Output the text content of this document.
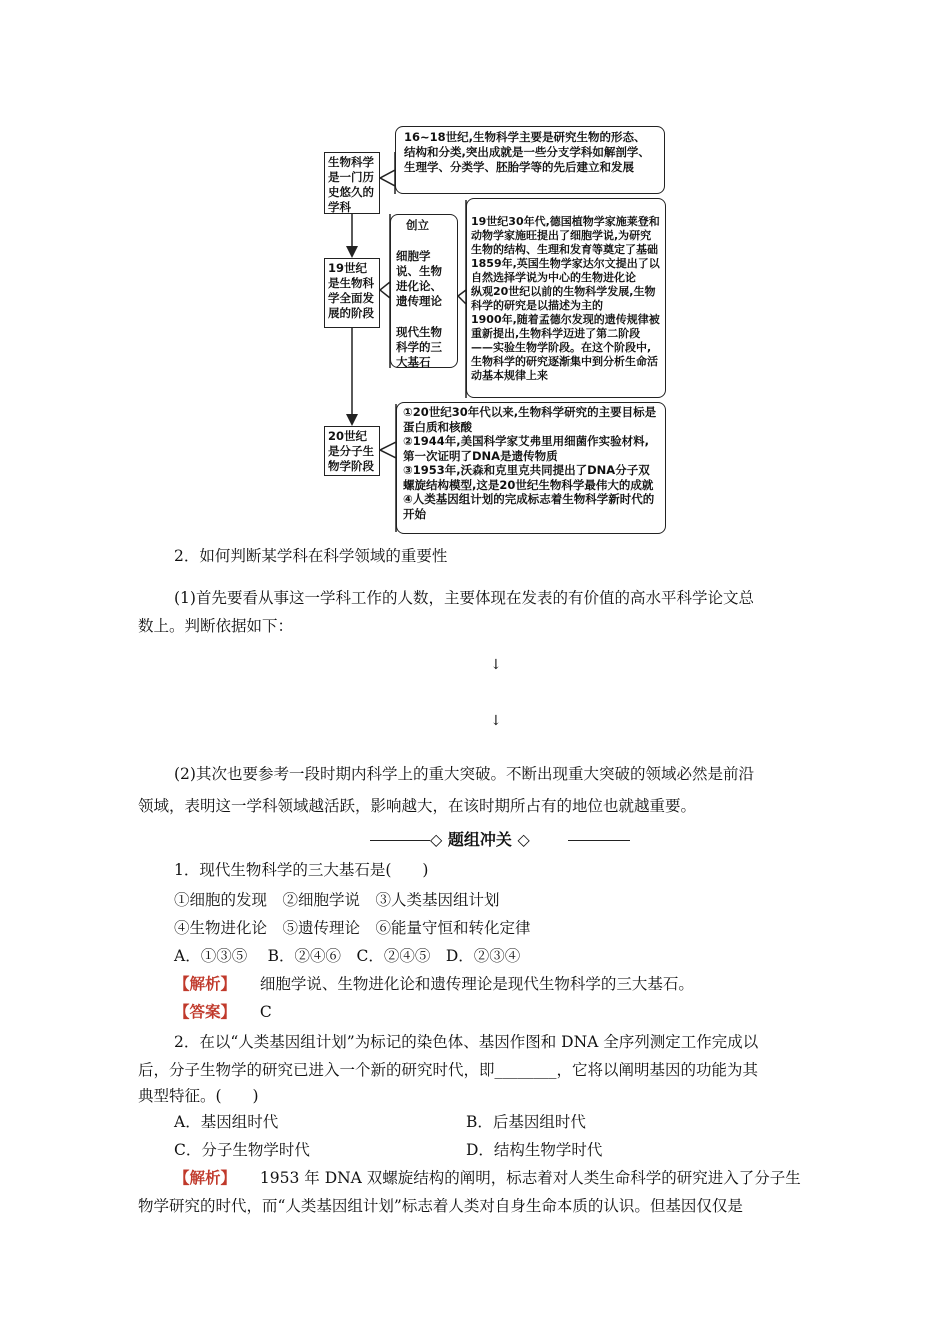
生物科学是一门历史悠久的学科
19世纪是生物科学全面发展的阶段
20世纪是分子生物学阶段
16~18世纪,生物科学主要是研究生物的形态、结构和分类,突出成就是一些分支学科如解剖学、生理学、分类学、胚胎学等的先后建立和发展
创立
细胞学说、生物进化论、遗传理论
现代生物科学的三大基石

19世纪30年代,德国植物学家施莱登和动物学家施旺提出了细胞学说,为研究生物的结构、生理和发育等奠定了基础
1859年,英国生物学家达尔文提出了以自然选择学说为中心的生物进化论
纵观20世纪以前的生物科学发展,生物科学的研究是以描述为主的
1900年,随着孟德尔发现的遗传规律被重新提出,生物科学迈进了第二阶段——实验生物学阶段。在这个阶段中,生物科学的研究逐渐集中到分析生命活动基本规律上来

①20世纪30年代以来,生物科学研究的主要目标是蛋白质和核酸
②1944年,美国科学家艾弗里用细菌作实验材料,第一次证明了DNA是遗传物质
③1953年,沃森和克里克共同提出了DNA分子双螺旋结构模型,这是20世纪生物科学最伟大的成就
④人类基因组计划的完成标志着生物科学新时代的开始
2．如何判断某学科在科学领域的重要性
(1)首先要看从事这一学科工作的人数，主要体现在发表的有价值的高水平科学论文总
数上。判断依据如下：
↓
↓
(2)其次也要参考一段时期内科学上的重大突破。不断出现重大突破的领域必然是前沿
领域，表明这一学科领域越活跃，影响越大，在该时期所占有的地位也就越重要。
◇ 题组冲关 ◇
1．现代生物科学的三大基石是(　　)
①细胞的发现　②细胞学说　③人类基因组计划
④生物进化论　⑤遗传理论　⑥能量守恒和转化定律
A．①③⑤　 B．②④⑥　C．②④⑤　D．②③④
【解析】 细胞学说、生物进化论和遗传理论是现代生物科学的三大基石。
【答案】 C
2．在以“人类基因组计划”为标记的染色体、基因作图和 DNA 全序列测定工作完成以
后，分子生物学的研究已进入一个新的研究时代，即________，它将以阐明基因的功能为其
典型特征。(　　)
A．基因组时代	B．后基因组时代
C．分子生物学时代	D．结构生物学时代
【解析】 1953 年 DNA 双螺旋结构的阐明，标志着对人类生命科学的研究进入了分子生
物学研究的时代，而“人类基因组计划”标志着人类对自身生命本质的认识。但基因仅仅是
